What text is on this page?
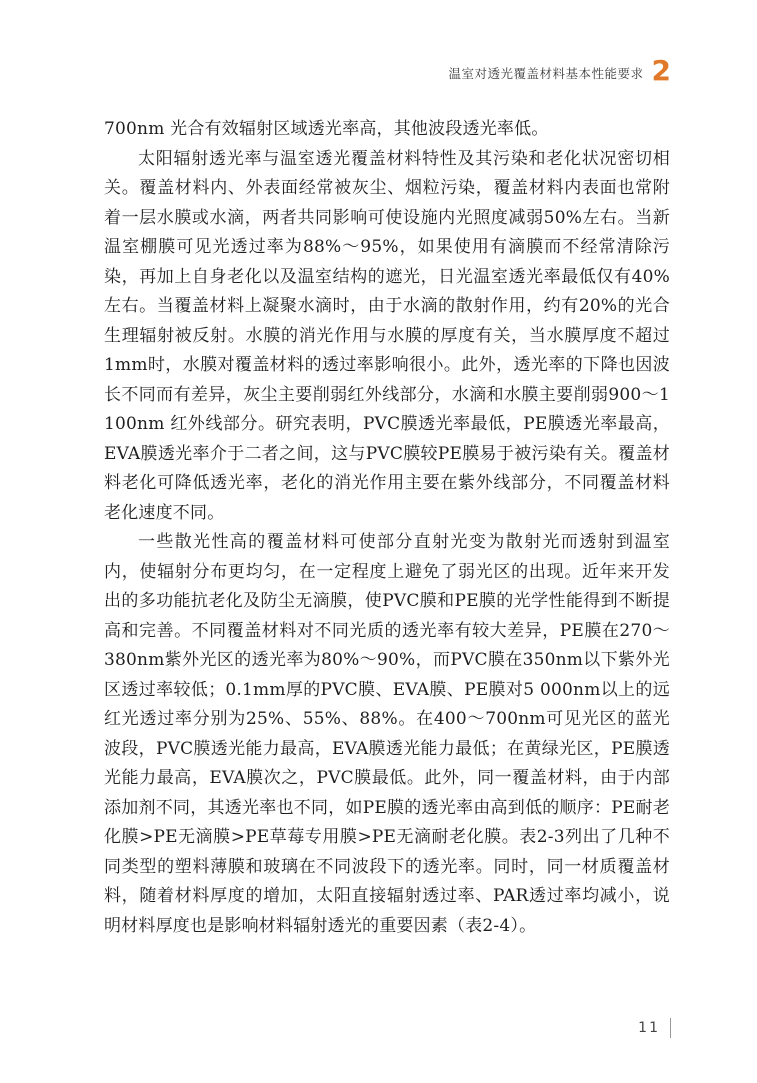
温室对透光覆盖材料基本性能要求 2

700nm 光合有效辐射区域透光率高，其他波段透光率低。

太阳辐射透光率与温室透光覆盖材料特性及其污染和老化状况密切相关。覆盖材料内、外表面经常被灰尘、烟粒污染，覆盖材料内表面也常附着一层水膜或水滴，两者共同影响可使设施内光照度减弱50%左右。当新温室棚膜可见光透过率为88%～95%，如果使用有滴膜而不经常清除污染，再加上自身老化以及温室结构的遮光，日光温室透光率最低仅有40%左右。当覆盖材料上凝聚水滴时，由于水滴的散射作用，约有20%的光合生理辐射被反射。水膜的消光作用与水膜的厚度有关，当水膜厚度不超过1mm时，水膜对覆盖材料的透过率影响很小。此外，透光率的下降也因波长不同而有差异，灰尘主要削弱红外线部分，水滴和水膜主要削弱900～1 100nm 红外线部分。研究表明，PVC膜透光率最低，PE膜透光率最高，EVA膜透光率介于二者之间，这与PVC膜较PE膜易于被污染有关。覆盖材料老化可降低透光率，老化的消光作用主要在紫外线部分，不同覆盖材料老化速度不同。

一些散光性高的覆盖材料可使部分直射光变为散射光而透射到温室内，使辐射分布更均匀，在一定程度上避免了弱光区的出现。近年来开发出的多功能抗老化及防尘无滴膜，使PVC膜和PE膜的光学性能得到不断提高和完善。不同覆盖材料对不同光质的透光率有较大差异，PE膜在270～380nm紫外光区的透光率为80%～90%，而PVC膜在350nm以下紫外光区透过率较低；0.1mm厚的PVC膜、EVA膜、PE膜对5 000nm以上的远红光透过率分别为25%、55%、88%。在400～700nm可见光区的蓝光波段，PVC膜透光能力最高，EVA膜透光能力最低；在黄绿光区，PE膜透光能力最高，EVA膜次之，PVC膜最低。此外，同一覆盖材料，由于内部添加剂不同，其透光率也不同，如PE膜的透光率由高到低的顺序：PE耐老化膜>PE无滴膜>PE草莓专用膜>PE无滴耐老化膜。表2-3列出了几种不同类型的塑料薄膜和玻璃在不同波段下的透光率。同时，同一材质覆盖材料，随着材料厚度的增加，太阳直接辐射透过率、PAR透过率均减小，说明材料厚度也是影响材料辐射透光的重要因素（表2-4）。

11
